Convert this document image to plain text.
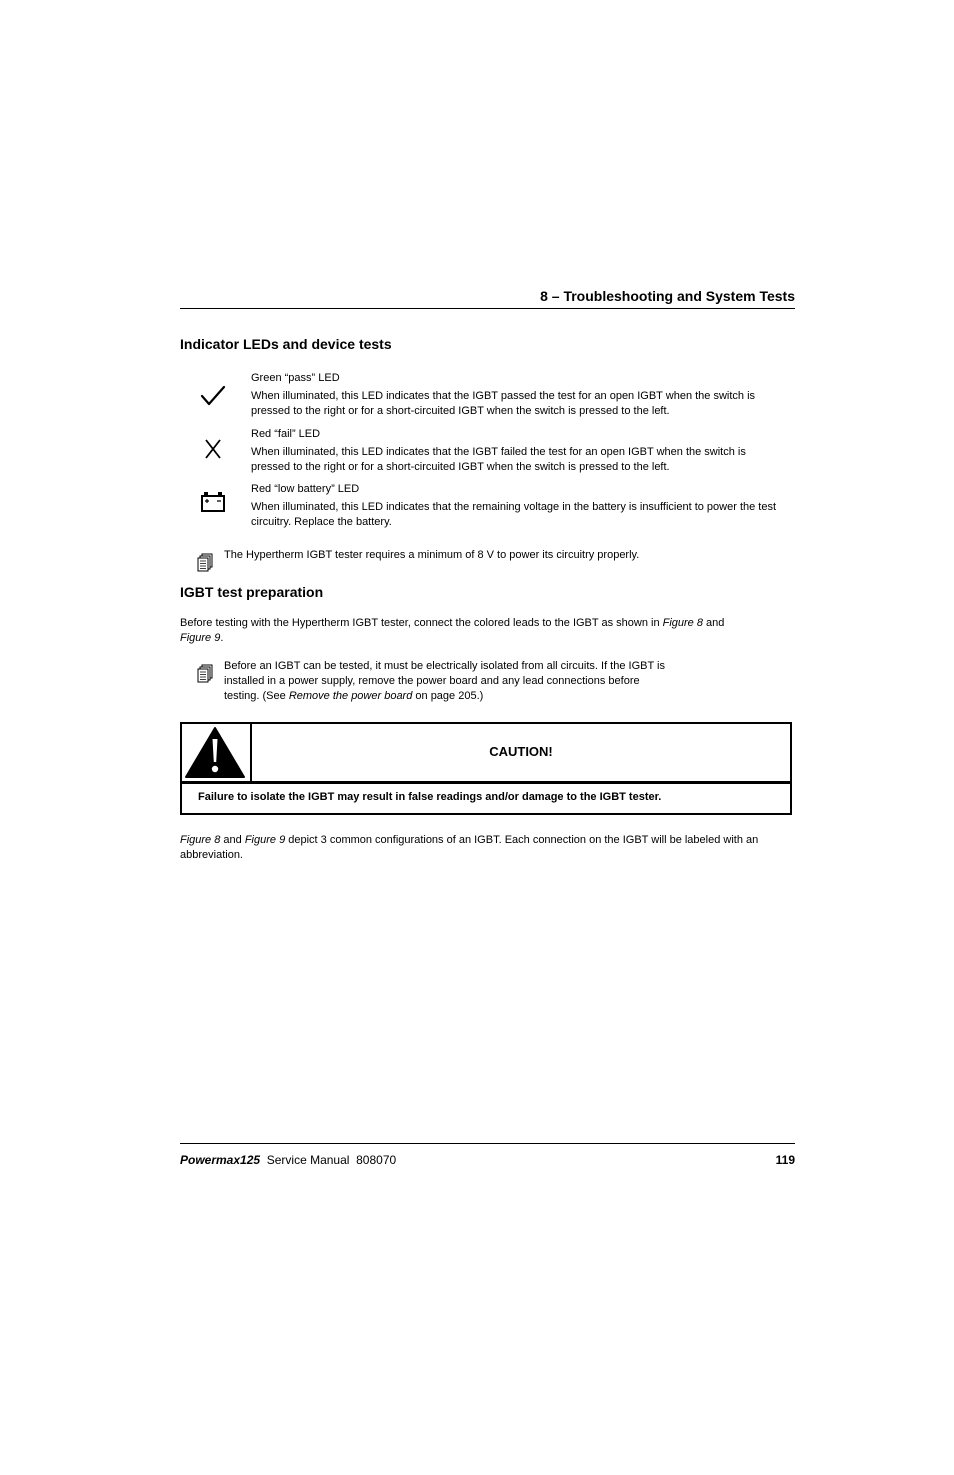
8 – Troubleshooting and System Tests
Indicator LEDs and device tests
Green “pass” LED
When illuminated, this LED indicates that the IGBT passed the test for an open IGBT when the switch is pressed to the right or for a short-circuited IGBT when the switch is pressed to the left.
Red “fail” LED
When illuminated, this LED indicates that the IGBT failed the test for an open IGBT when the switch is pressed to the right or for a short-circuited IGBT when the switch is pressed to the left.
Red “low battery” LED
When illuminated, this LED indicates that the remaining voltage in the battery is insufficient to power the test circuitry. Replace the battery.
The Hypertherm IGBT tester requires a minimum of 8 V to power its circuitry properly.
IGBT test preparation
Before testing with the Hypertherm IGBT tester, connect the colored leads to the IGBT as shown in Figure 8 and
Figure 9.
Before an IGBT can be tested, it must be electrically isolated from all circuits. If the IGBT is installed in a power supply, remove the power board and any lead connections before testing. (See Remove the power board on page 205.)
CAUTION!
Failure to isolate the IGBT may result in false readings and/or damage to the IGBT tester.
Figure 8 and Figure 9 depict 3 common configurations of an IGBT. Each connection on the IGBT will be labeled with an abbreviation.
Powermax125 Service Manual 808070	119
